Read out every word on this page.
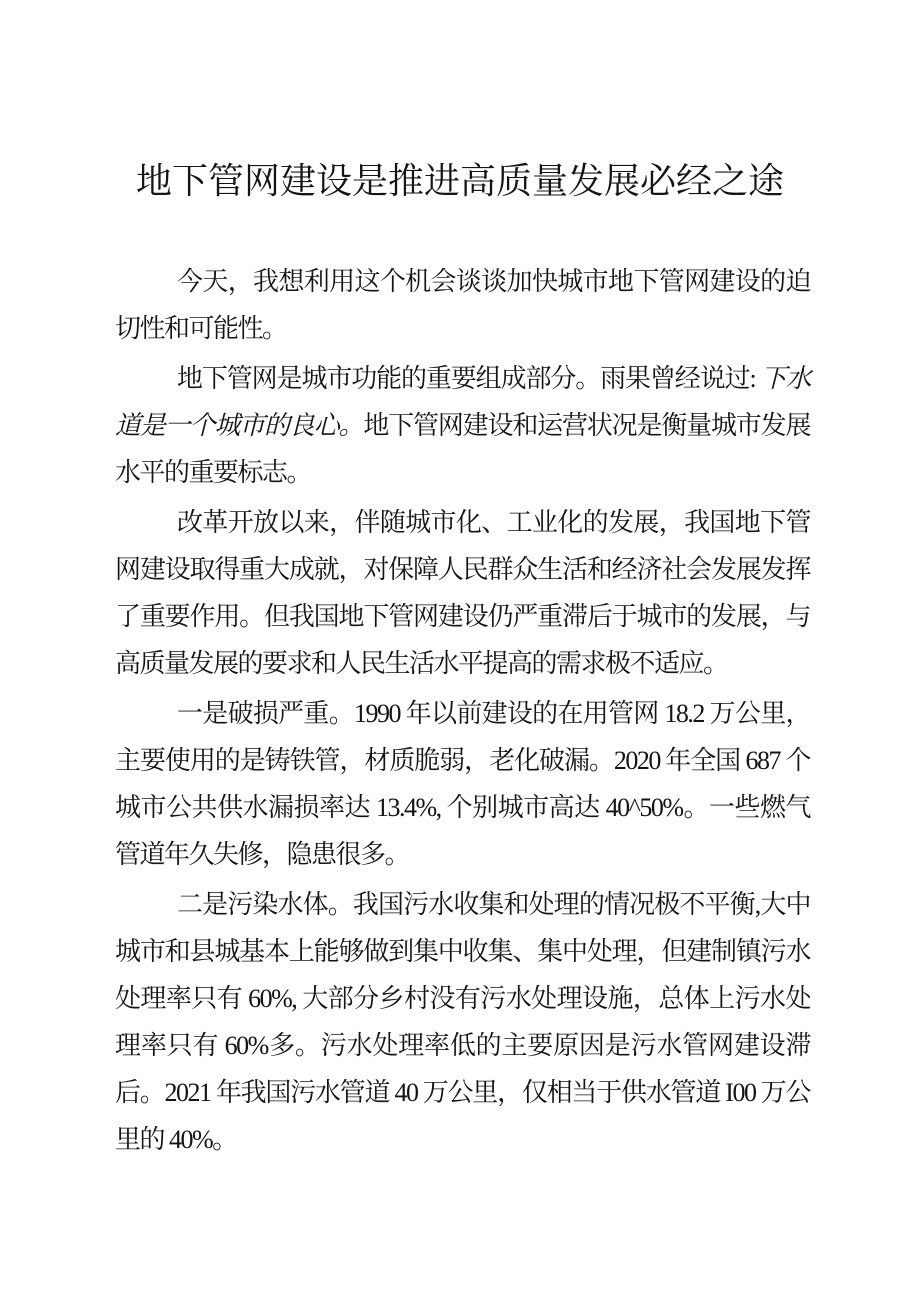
地下管网建设是推进高质量发展必经之途

今天，我想利用这个机会谈谈加快城市地下管网建设的迫切性和可能性。

地下管网是城市功能的重要组成部分。雨果曾经说过: 下水道是一个城市的良心。地下管网建设和运营状况是衡量城市发展水平的重要标志。

改革开放以来，伴随城市化、工业化的发展，我国地下管网建设取得重大成就，对保障人民群众生活和经济社会发展发挥了重要作用。但我国地下管网建设仍严重滞后于城市的发展，与高质量发展的要求和人民生活水平提高的需求极不适应。

一是破损严重。1990 年以前建设的在用管网 18.2 万公里，主要使用的是铸铁管，材质脆弱，老化破漏。2020 年全国 687 个城市公共供水漏损率达 13.4%, 个别城市高达 40^50%。一些燃气管道年久失修，隐患很多。

二是污染水体。我国污水收集和处理的情况极不平衡,大中城市和县城基本上能够做到集中收集、集中处理，但建制镇污水处理率只有 60%, 大部分乡村没有污水处理设施，总体上污水处理率只有 60%多。污水处理率低的主要原因是污水管网建设滞后。2021 年我国污水管道 40 万公里，仅相当于供水管道 I00 万公里的 40%。
